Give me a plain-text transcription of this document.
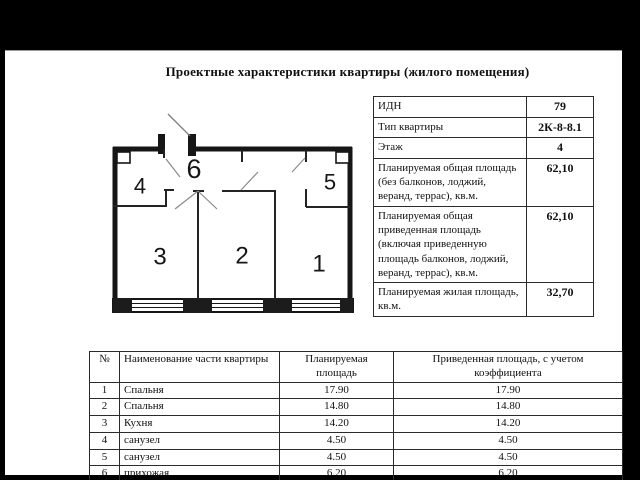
Проектные характеристики квартиры (жилого помещения)
1
2
3
4	5
6
ИДН	79
Тип квартиры	2К-8-8.1
Этаж	4
Планируемая общая площадь (без балконов, лоджий, веранд, террас), кв.м.	62,10
Планируемая общая приведенная площадь (включая приведенную площадь балконов, лоджий, веранд, террас), кв.м.	62,10
Планируемая жилая площадь, кв.м.	32,70
№	Наименование части квартиры	Планируемая площадь	Приведенная площадь, с учетом коэффициента
1	Спальня	17.90	17.90
2	Спальня	14.80	14.80
3	Кухня	14.20	14.20
4	санузел	4.50	4.50
5	санузел	4.50	4.50
6	прихожая	6.20	6.20
